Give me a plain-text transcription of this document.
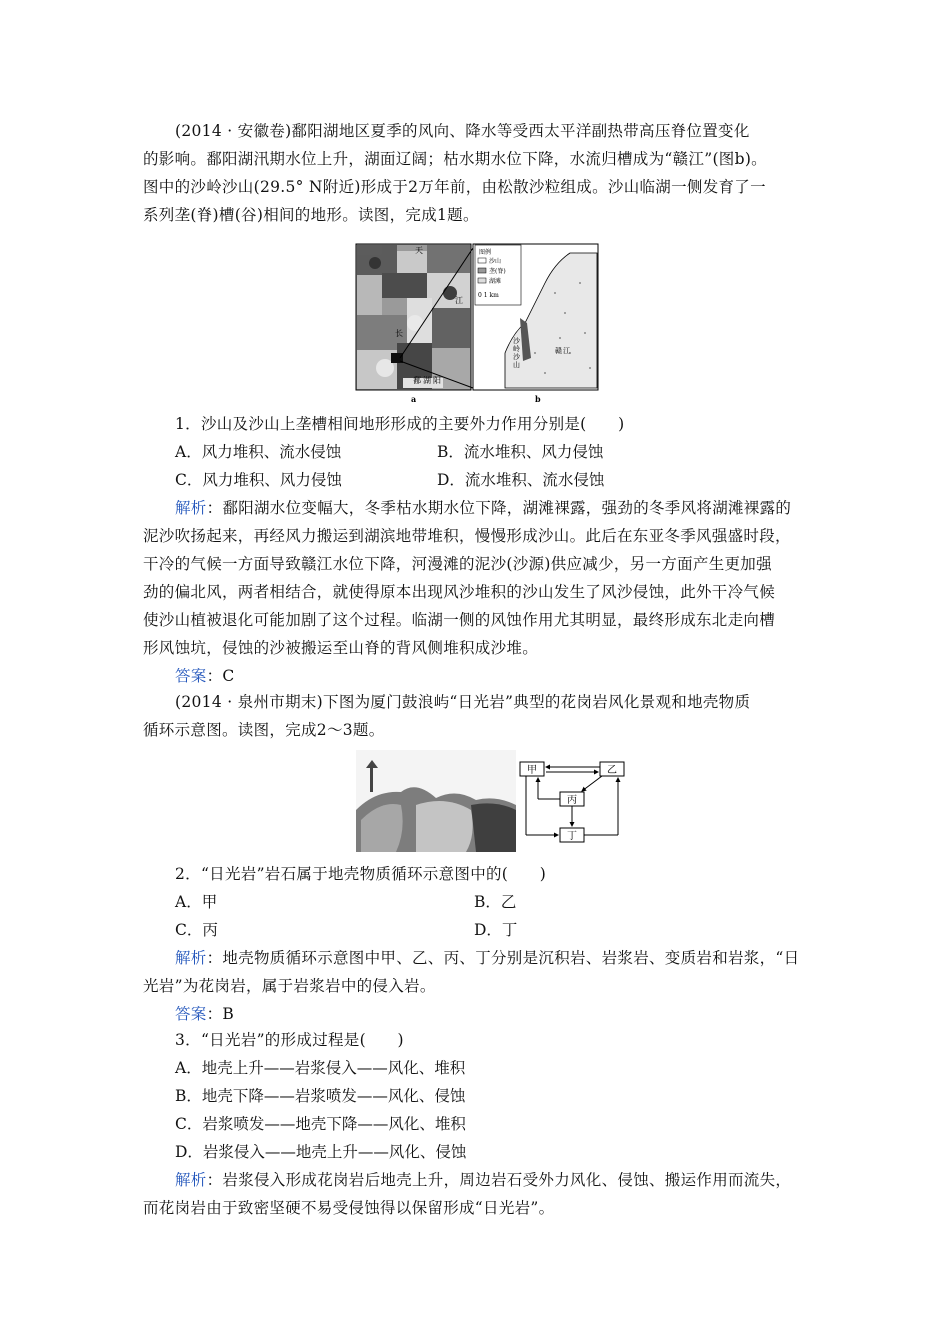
(2014 · 安徽卷)鄱阳湖地区夏季的风向、降水等受西太平洋副热带高压脊位置变化
的影响。鄱阳湖汛期水位上升，湖面辽阔；枯水期水位下降，水流归槽成为“赣江”(图b)。
图中的沙岭沙山(29.5° N附近)形成于2万年前，由松散沙粒组成。沙山临湖一侧发育了一
系列垄(脊)槽(谷)相间的地形。读图，完成1题。
天
长
鄱 湖 阳
江
图例
沙山
垄(脊)
湖滩
0 1 km
沙
岭
沙
山
赣 江
a	b
1．沙山及沙山上垄槽相间地形形成的主要外力作用分别是(　　)
A．风力堆积、流水侵蚀	B．流水堆积、风力侵蚀
C．风力堆积、风力侵蚀	D．流水堆积、流水侵蚀
解析：鄱阳湖水位变幅大，冬季枯水期水位下降，湖滩裸露，强劲的冬季风将湖滩裸露的
泥沙吹扬起来，再经风力搬运到湖滨地带堆积，慢慢形成沙山。此后在东亚冬季风强盛时段，
干冷的气候一方面导致赣江水位下降，河漫滩的泥沙(沙源)供应减少，另一方面产生更加强
劲的偏北风，两者相结合，就使得原本出现风沙堆积的沙山发生了风沙侵蚀，此外干冷气候
使沙山植被退化可能加剧了这个过程。临湖一侧的风蚀作用尤其明显，最终形成东北走向槽
形风蚀坑，侵蚀的沙被搬运至山脊的背风侧堆积成沙堆。
答案：C
(2014 · 泉州市期末)下图为厦门鼓浪屿“日光岩”典型的花岗岩风化景观和地壳物质
循环示意图。读图，完成2～3题。
甲	乙
丙
丁
2．“日光岩”岩石属于地壳物质循环示意图中的(　　)
A．甲	B．乙
C．丙	D．丁
解析：地壳物质循环示意图中甲、乙、丙、丁分别是沉积岩、岩浆岩、变质岩和岩浆，“日
光岩”为花岗岩，属于岩浆岩中的侵入岩。
答案：B
3．“日光岩”的形成过程是(　　)
A．地壳上升——岩浆侵入——风化、堆积
B．地壳下降——岩浆喷发——风化、侵蚀
C．岩浆喷发——地壳下降——风化、堆积
D．岩浆侵入——地壳上升——风化、侵蚀
解析：岩浆侵入形成花岗岩后地壳上升，周边岩石受外力风化、侵蚀、搬运作用而流失，
而花岗岩由于致密坚硬不易受侵蚀得以保留形成“日光岩”。
